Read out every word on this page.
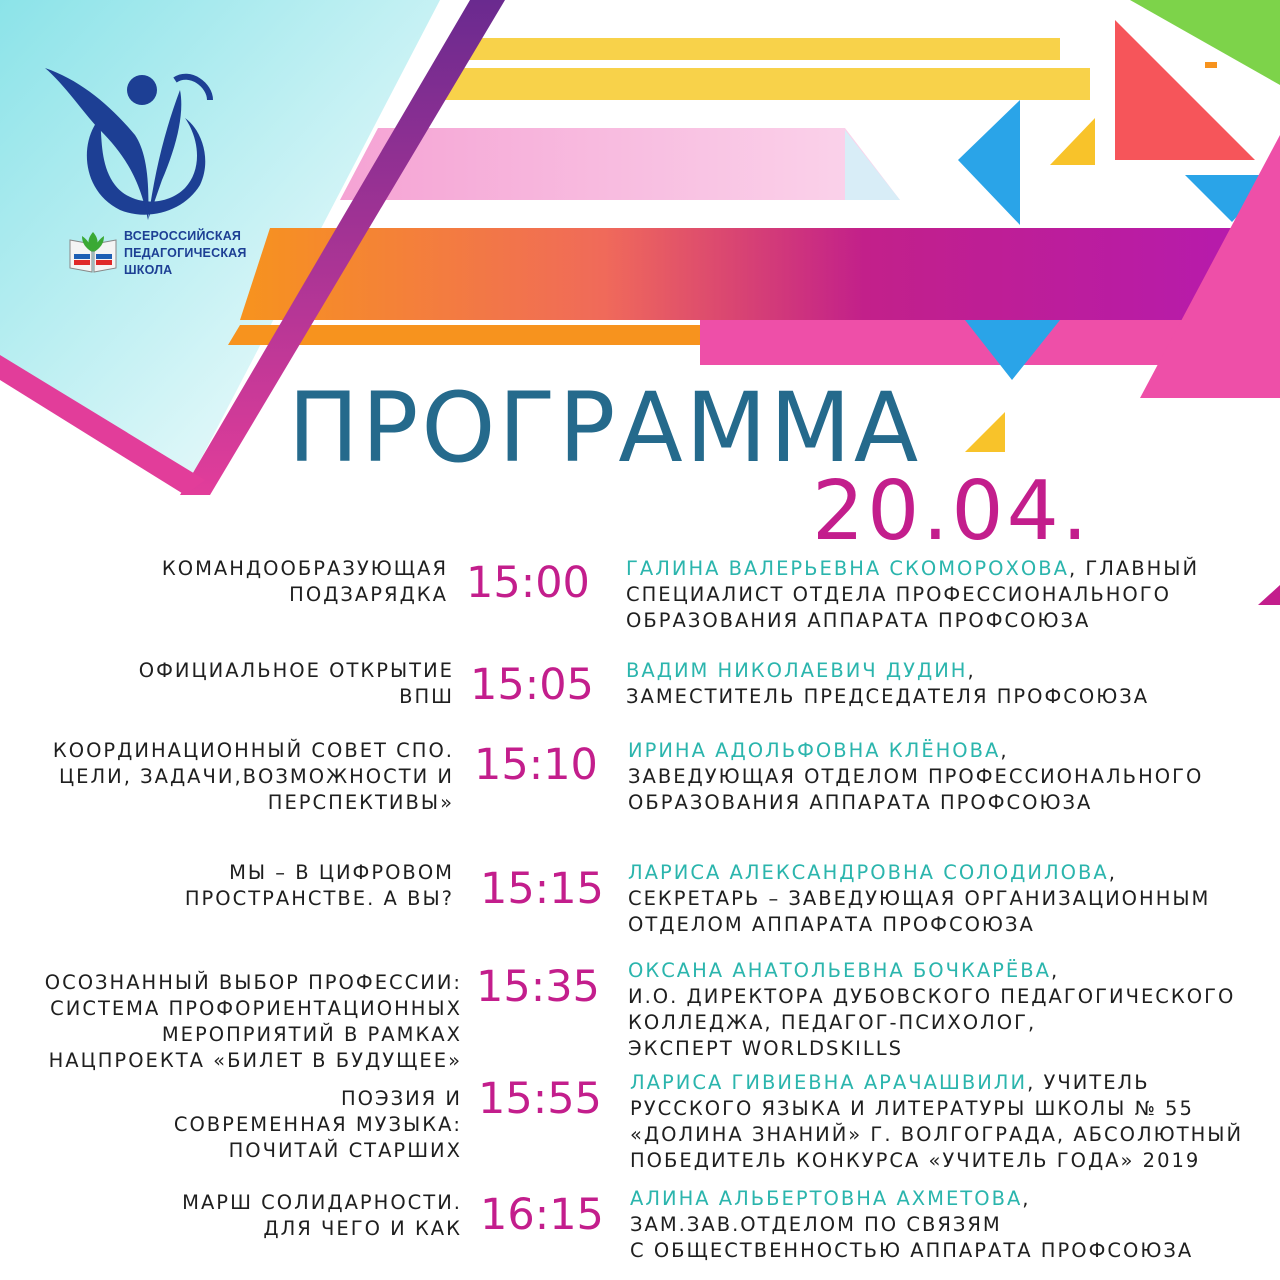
ВСЕРОССИЙСКАЯ
ПЕДАГОГИЧЕСКАЯ
ШКОЛА
ПРОГРАММА
20.04.
КОМАНДООБРАЗУЮЩАЯ
ПОДЗАРЯДКА 15:00 ГАЛИНА ВАЛЕРЬЕВНА СКОМОРОХОВА, ГЛАВНЫЙ
СПЕЦИАЛИСТ ОТДЕЛА ПРОФЕССИОНАЛЬНОГО
ОБРАЗОВАНИЯ АППАРАТА ПРОФСОЮЗА
ОФИЦИАЛЬНОЕ ОТКРЫТИЕ
ВПШ 15:05 ВАДИМ НИКОЛАЕВИЧ ДУДИН,
ЗАМЕСТИТЕЛЬ ПРЕДСЕДАТЕЛЯ ПРОФСОЮЗА
КООРДИНАЦИОННЫЙ СОВЕТ СПО.
ЦЕЛИ, ЗАДАЧИ,ВОЗМОЖНОСТИ И
ПЕРСПЕКТИВЫ»
15:10 ИРИНА АДОЛЬФОВНА КЛЁНОВА,
ЗАВЕДУЮЩАЯ ОТДЕЛОМ ПРОФЕССИОНАЛЬНОГО
ОБРАЗОВАНИЯ АППАРАТА ПРОФСОЮЗА
МЫ – В ЦИФРОВОМ
ПРОСТРАНСТВЕ. А ВЫ? 15:15 ЛАРИСА АЛЕКСАНДРОВНА СОЛОДИЛОВА,
СЕКРЕТАРЬ – ЗАВЕДУЮЩАЯ ОРГАНИЗАЦИОННЫМ
ОТДЕЛОМ АППАРАТА ПРОФСОЮЗА
ОСОЗНАННЫЙ ВЫБОР ПРОФЕССИИ:
СИСТЕМА ПРОФОРИЕНТАЦИОННЫХ
МЕРОПРИЯТИЙ В РАМКАХ
НАЦПРОЕКТА «БИЛЕТ В БУДУЩЕЕ»
15:35 ОКСАНА АНАТОЛЬЕВНА БОЧКАРЁВА,
И.О. ДИРЕКТОРА ДУБОВСКОГО ПЕДАГОГИЧЕСКОГО
КОЛЛЕДЖА, ПЕДАГОГ-ПСИХОЛОГ,
ЭКСПЕРТ WORLDSKILLS
ПОЭЗИЯ И
СОВРЕМЕННАЯ МУЗЫКА:
ПОЧИТАЙ СТАРШИХ
15:55 ЛАРИСА ГИВИЕВНА АРАЧАШВИЛИ, УЧИТЕЛЬ
РУССКОГО ЯЗЫКА И ЛИТЕРАТУРЫ ШКОЛЫ № 55
«ДОЛИНА ЗНАНИЙ» Г. ВОЛГОГРАДА, АБСОЛЮТНЫЙ
ПОБЕДИТЕЛЬ КОНКУРСА «УЧИТЕЛЬ ГОДА» 2019
МАРШ СОЛИДАРНОСТИ.
ДЛЯ ЧЕГО И КАК 16:15 АЛИНА АЛЬБЕРТОВНА АХМЕТОВА,
ЗАМ.ЗАВ.ОТДЕЛОМ ПО СВЯЗЯМ
С ОБЩЕСТВЕННОСТЬЮ АППАРАТА ПРОФСОЮЗА
